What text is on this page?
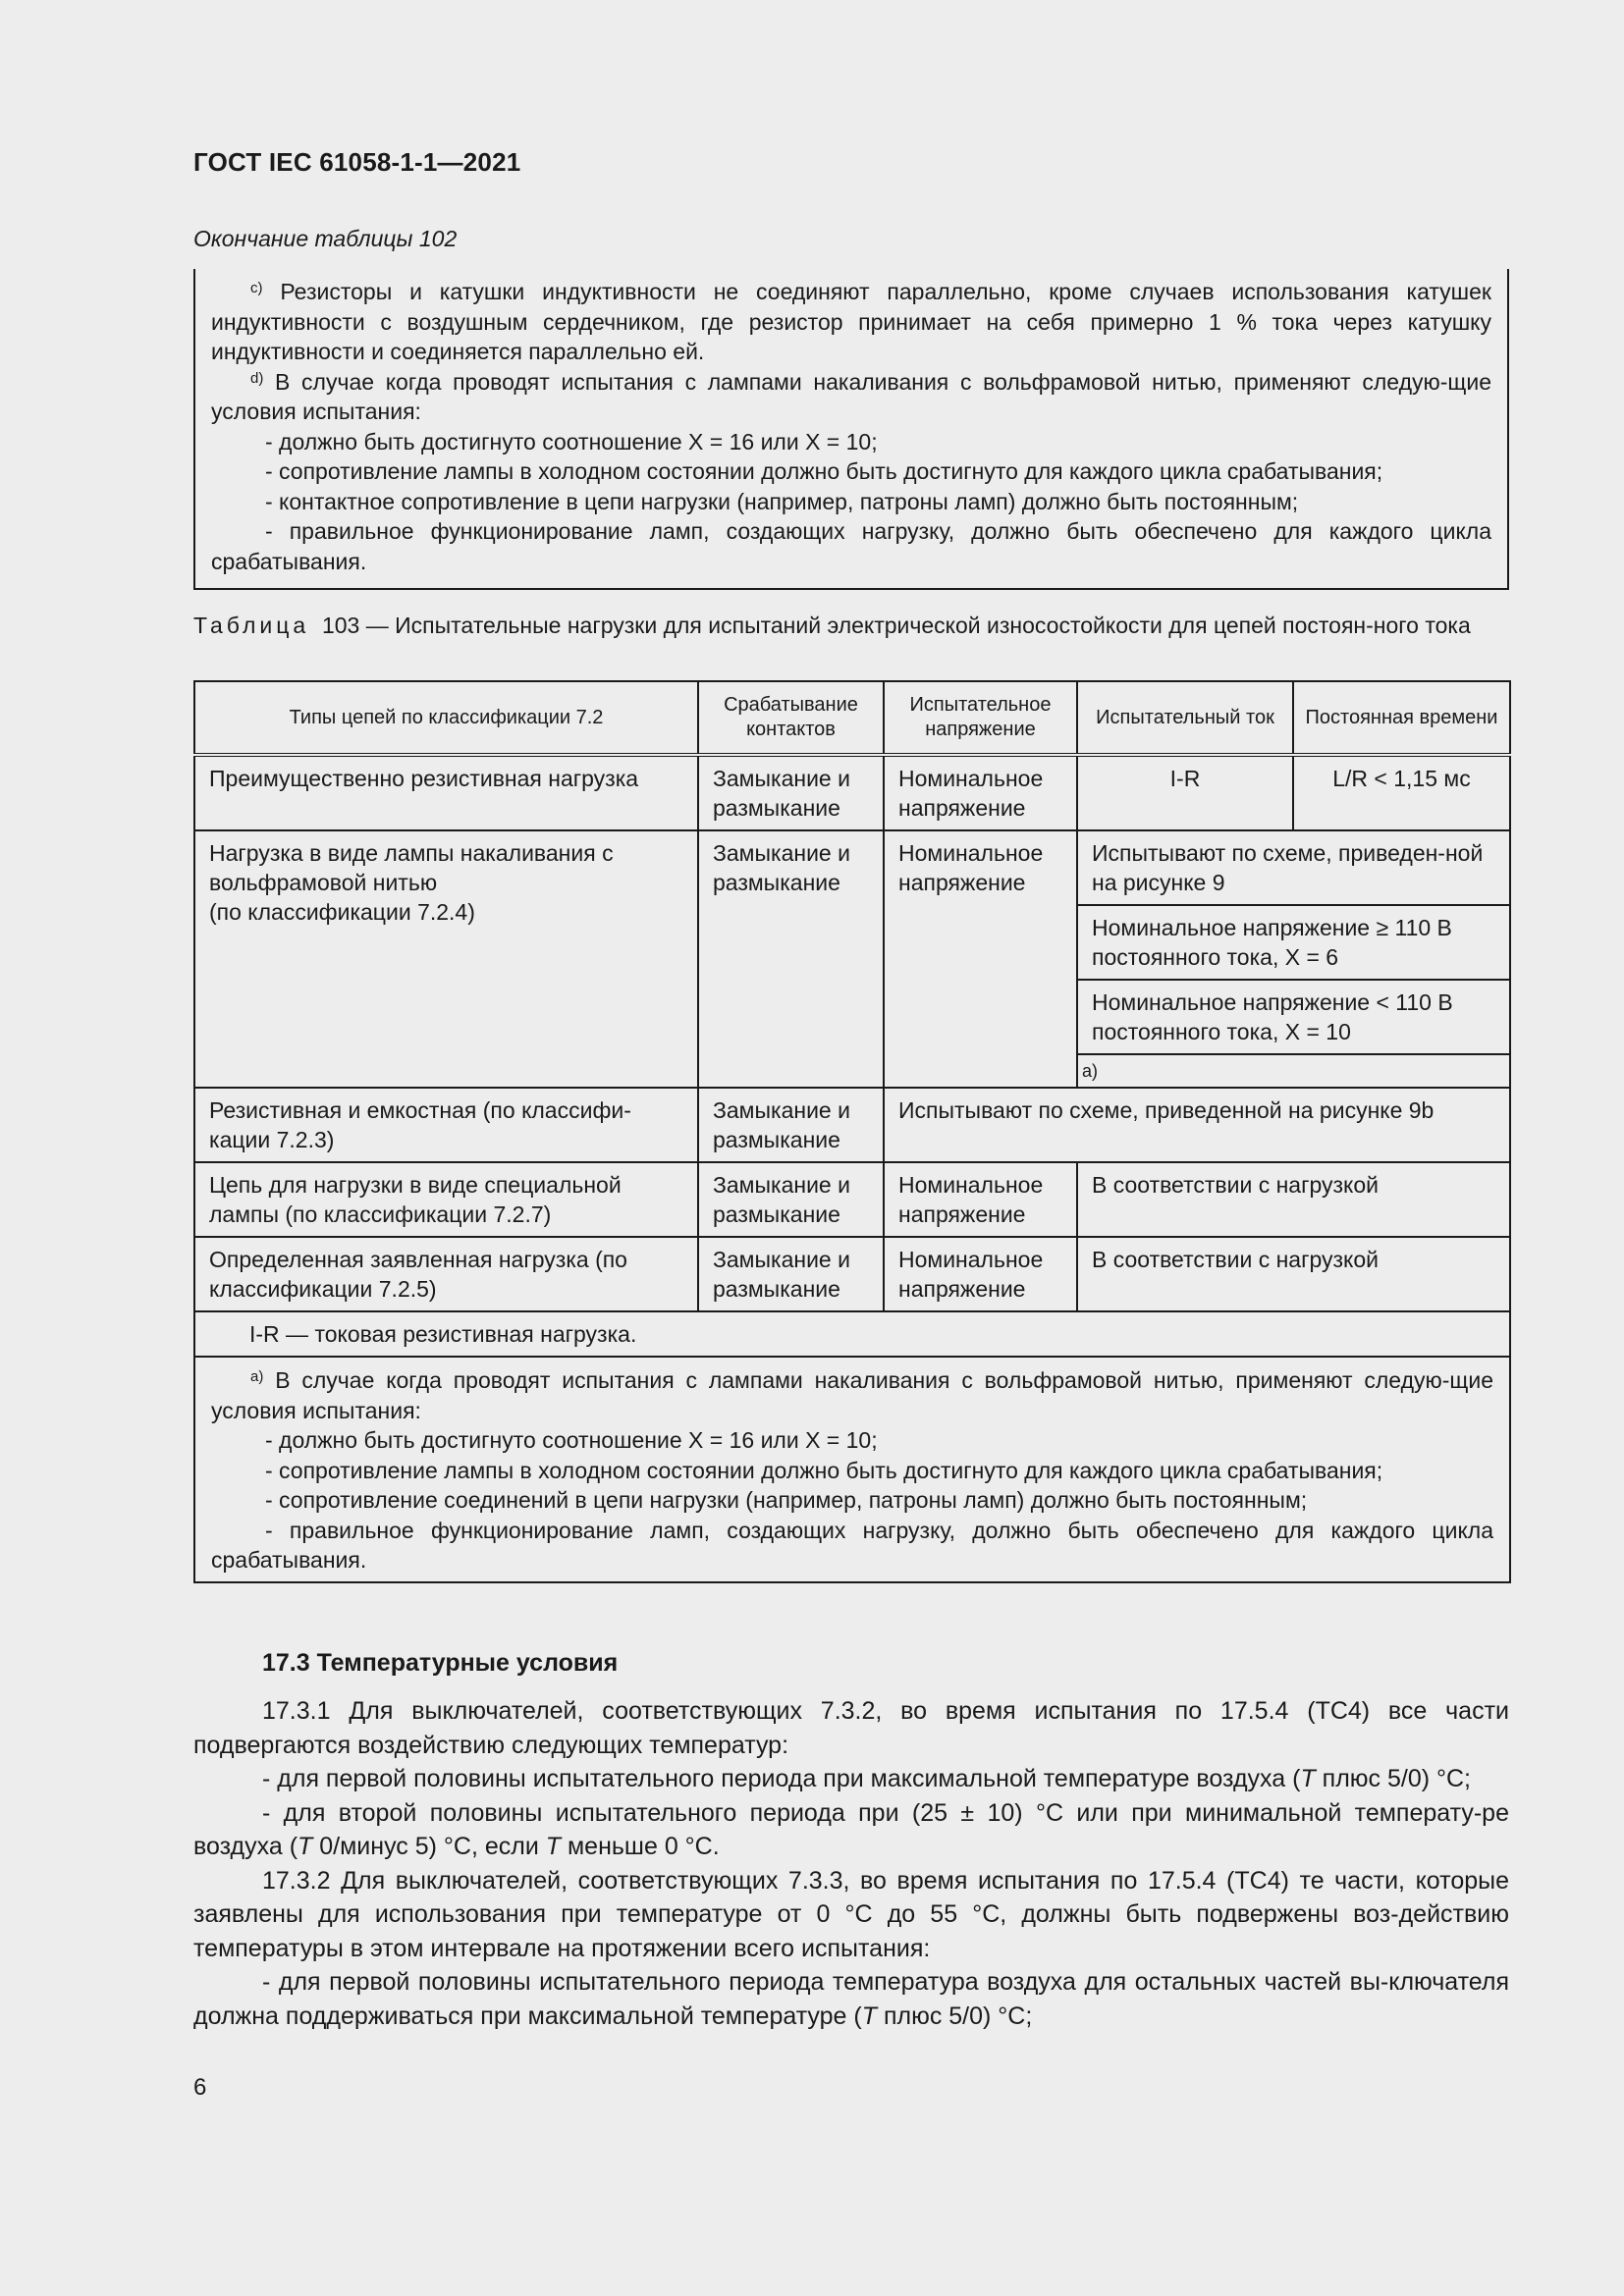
ГОСТ IEC 61058-1-1—2021
Окончание таблицы 102

$^{c)}$ Резисторы и катушки индуктивности не соединяют параллельно, кроме случаев использования катушек индуктивности с воздушным сердечником, где резистор принимает на себя примерно 1 % тока через катушку индуктивности и соединяется параллельно ей.

$^{d)}$ В случае когда проводят испытания с лампами накаливания с вольфрамовой нитью, применяют следую-щие условия испытания:

- должно быть достигнуто соотношение X = 16 или X = 10;

- сопротивление лампы в холодном состоянии должно быть достигнуто для каждого цикла срабатывания;

- контактное сопротивление в цепи нагрузки (например, патроны ламп) должно быть постоянным;

- правильное функционирование ламп, создающих нагрузку, должно быть обеспечено для каждого цикла срабатывания.

Таблица 103 — Испытательные нагрузки для испытаний электрической износостойкости для цепей постоян-ного тока
Типы цепей по классификации 7.2	Срабатывание контактов	Испытательное напряжение	Испытательный ток	Постоянная времени
Преимущественно резистивная нагрузка	Замыкание и размыкание	Номинальное напряжение	I-R	L/R < 1,15 мс
Нагрузка в виде лампы накаливания с вольфрамовой нитью
(по классификации 7.2.4)	Замыкание и размыкание	Номинальное напряжение	Испытывают по схеме, приведен-ной на рисунке 9	
			Номинальное напряжение ≥ 110 В постоянного тока, X = 6	
			Номинальное напряжение < 110 В постоянного тока, X = 10	
			a)	
Резистивная и емкостная (по классифи-кации 7.2.3)	Замыкание и размыкание	Испытывают по схеме, приведенной на рисунке 9b		
Цепь для нагрузки в виде специальной лампы (по классификации 7.2.7)	Замыкание и размыкание	Номинальное напряжение	В соответствии с нагрузкой	
Определенная заявленная нагрузка (по классификации 7.2.5)	Замыкание и размыкание	Номинальное напряжение	В соответствии с нагрузкой	
I-R — токовая резистивная нагрузка.				

$^{a)}$ В случае когда проводят испытания с лампами накаливания с вольфрамовой нитью, применяют следую-щие условия испытания:

- должно быть достигнуто соотношение X = 16 или X = 10;

- сопротивление лампы в холодном состоянии должно быть достигнуто для каждого цикла срабатывания;

- сопротивление соединений в цепи нагрузки (например, патроны ламп) должно быть постоянным;

- правильное функционирование ламп, создающих нагрузку, должно быть обеспечено для каждого цикла срабатывания.				

17.3 Температурные условия

17.3.1 Для выключателей, соответствующих 7.3.2, во время испытания по 17.5.4 (TC4) все части подвергаются воздействию следующих температур:

- для первой половины испытательного периода при максимальной температуре воздуха (T плюс 5/0) °C;

- для второй половины испытательного периода при (25 ± 10) °C или при минимальной температу-ре воздуха (T 0/минус 5) °C, если T меньше 0 °C.

17.3.2 Для выключателей, соответствующих 7.3.3, во время испытания по 17.5.4 (TC4) те части, которые заявлены для использования при температуре от 0 °C до 55 °C, должны быть подвержены воз-действию температуры в этом интервале на протяжении всего испытания:

- для первой половины испытательного периода температура воздуха для остальных частей вы-ключателя должна поддерживаться при максимальной температуре (T плюс 5/0) °C;

6
